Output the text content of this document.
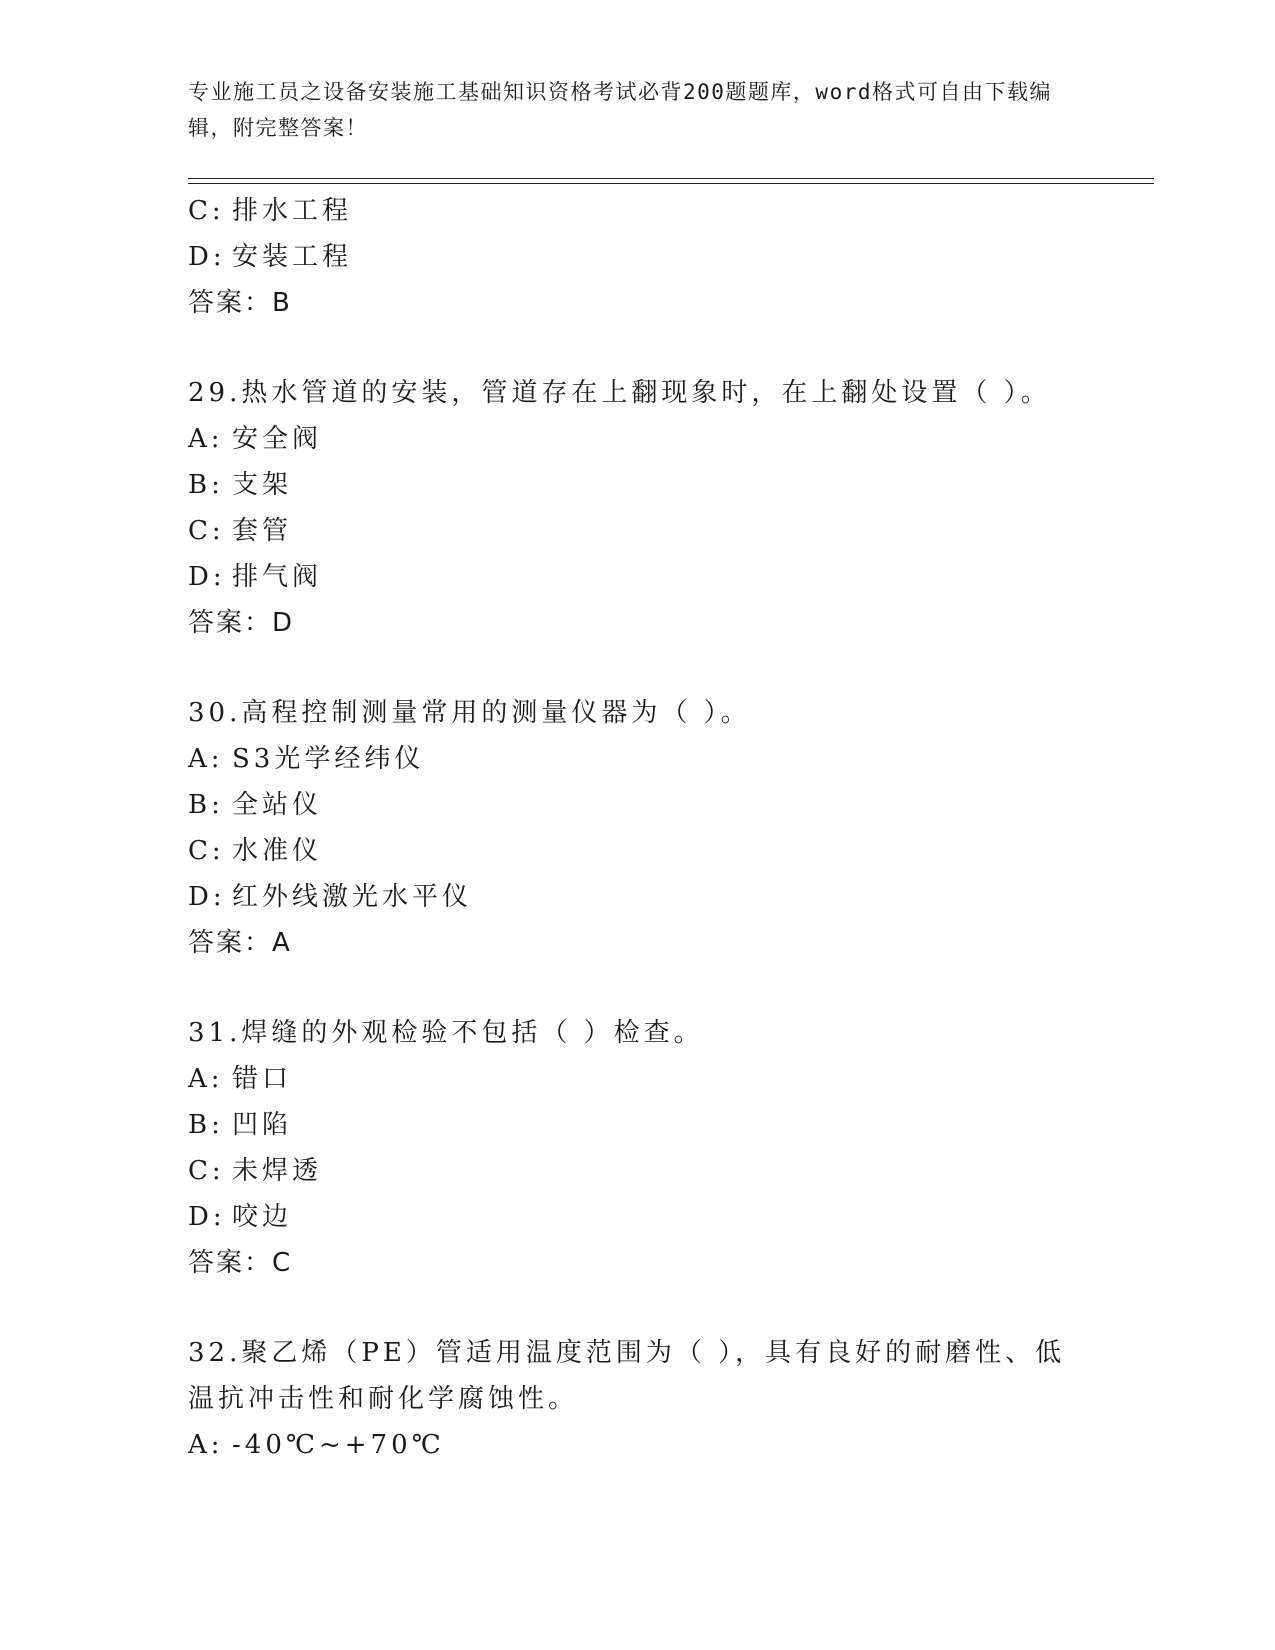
专业施工员之设备安装施工基础知识资格考试必背200题题库，word格式可自由下载编辑，附完整答案！
C: 排水工程
D: 安装工程
答案：B
29.热水管道的安装，管道存在上翻现象时，在上翻处设置（ ）。
A: 安全阀
B: 支架
C: 套管
D: 排气阀
答案：D
30.高程控制测量常用的测量仪器为（ ）。
A: S3光学经纬仪
B: 全站仪
C: 水准仪
D: 红外线激光水平仪
答案：A
31.焊缝的外观检验不包括（ ）检查。
A: 错口
B: 凹陷
C: 未焊透
D: 咬边
答案：C
32.聚乙烯（PE）管适用温度范围为（ ），具有良好的耐磨性、低温抗冲击性和耐化学腐蚀性。
A: -40℃~+70℃
